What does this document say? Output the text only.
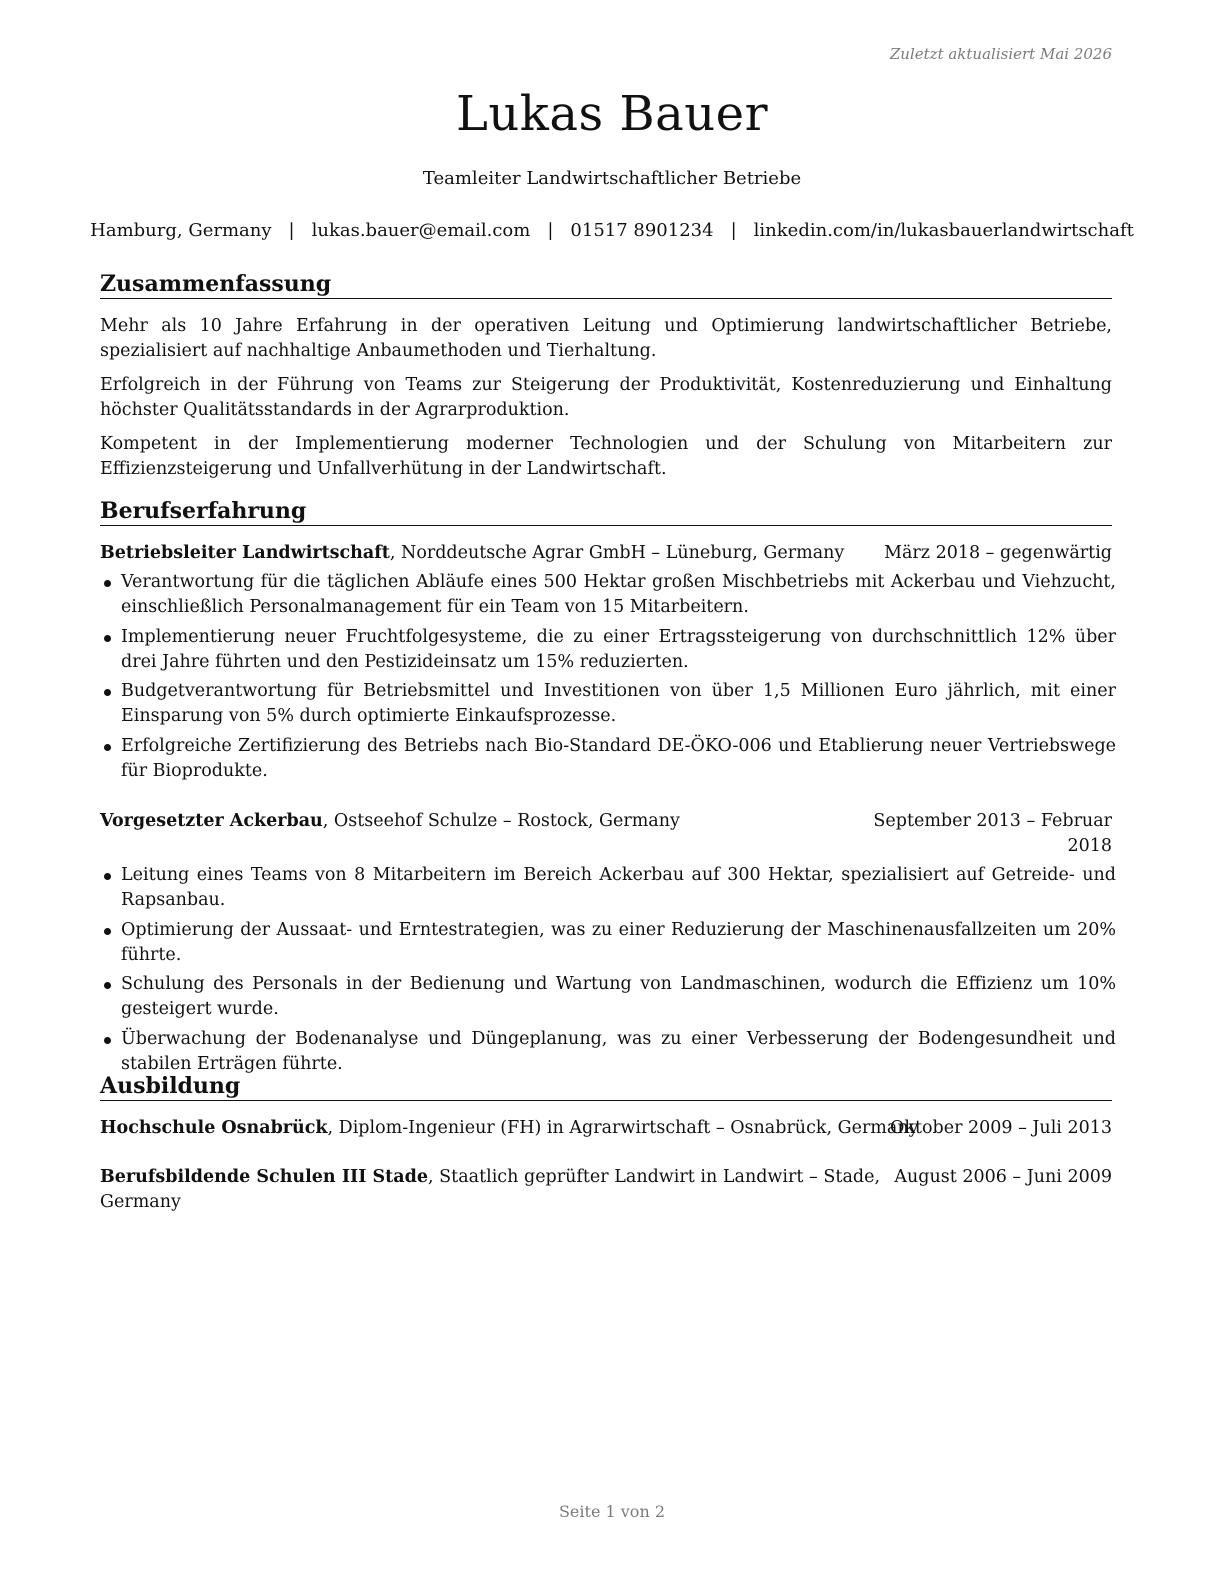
Zuletzt aktualisiert Mai 2026
Lukas Bauer
Teamleiter Landwirtschaftlicher Betriebe
Hamburg, Germany | lukas.bauer@email.com | 01517 8901234 | linkedin.com/in/lukasbauerlandwirtschaft
Zusammenfassung

Mehr als 10 Jahre Erfahrung in der operativen Leitung und Optimierung landwirtschaftlicher Betriebe, spezialisiert auf nachhaltige Anbaumethoden und Tierhaltung.

Erfolgreich in der Führung von Teams zur Steigerung der Produktivität, Kostenreduzierung und Einhaltung höchster Qualitätsstandards in der Agrarproduktion.

Kompetent in der Implementierung moderner Technologien und der Schulung von Mitarbeitern zur Effizienzsteigerung und Unfallverhütung in der Landwirtschaft.

Berufserfahrung
Betriebsleiter Landwirtschaft, Norddeutsche Agrar GmbH – Lüneburg, Germany März 2018 – gegenwärtig
Verantwortung für die täglichen Abläufe eines 500 Hektar großen Mischbetriebs mit Ackerbau und Viehzucht, einschließlich Personalmanagement für ein Team von 15 Mitarbeitern.
Implementierung neuer Fruchtfolgesysteme, die zu einer Ertragssteigerung von durchschnittlich 12% über drei Jahre führten und den Pestizideinsatz um 15% reduzierten.
Budgetverantwortung für Betriebsmittel und Investitionen von über 1,5 Millionen Euro jährlich, mit einer Einsparung von 5% durch optimierte Einkaufsprozesse.
Erfolgreiche Zertifizierung des Betriebs nach Bio-Standard DE-ÖKO-006 und Etablierung neuer Vertriebswege für Bioprodukte.
Vorgesetzter Ackerbau, Ostseehof Schulze – Rostock, Germany	September 2013 – Februar 2018
Leitung eines Teams von 8 Mitarbeitern im Bereich Ackerbau auf 300 Hektar, spezialisiert auf Getreide- und Rapsanbau.
Optimierung der Aussaat- und Erntestrategien, was zu einer Reduzierung der Maschinenausfallzeiten um 20% führte.
Schulung des Personals in der Bedienung und Wartung von Landmaschinen, wodurch die Effizienz um 10% gesteigert wurde.
Überwachung der Bodenanalyse und Düngeplanung, was zu einer Verbesserung der Bodengesundheit und stabilen Erträgen führte.
Ausbildung
Hochschule Osnabrück, Diplom-Ingenieur (FH) in Agrarwirtschaft – Osnabrück, Germany
Oktober 2009 – Juli 2013
Berufsbildende Schulen III Stade, Staatlich geprüfter Landwirt in Landwirt – Stade, Germany
August 2006 – Juni 2009
Seite 1 von 2
